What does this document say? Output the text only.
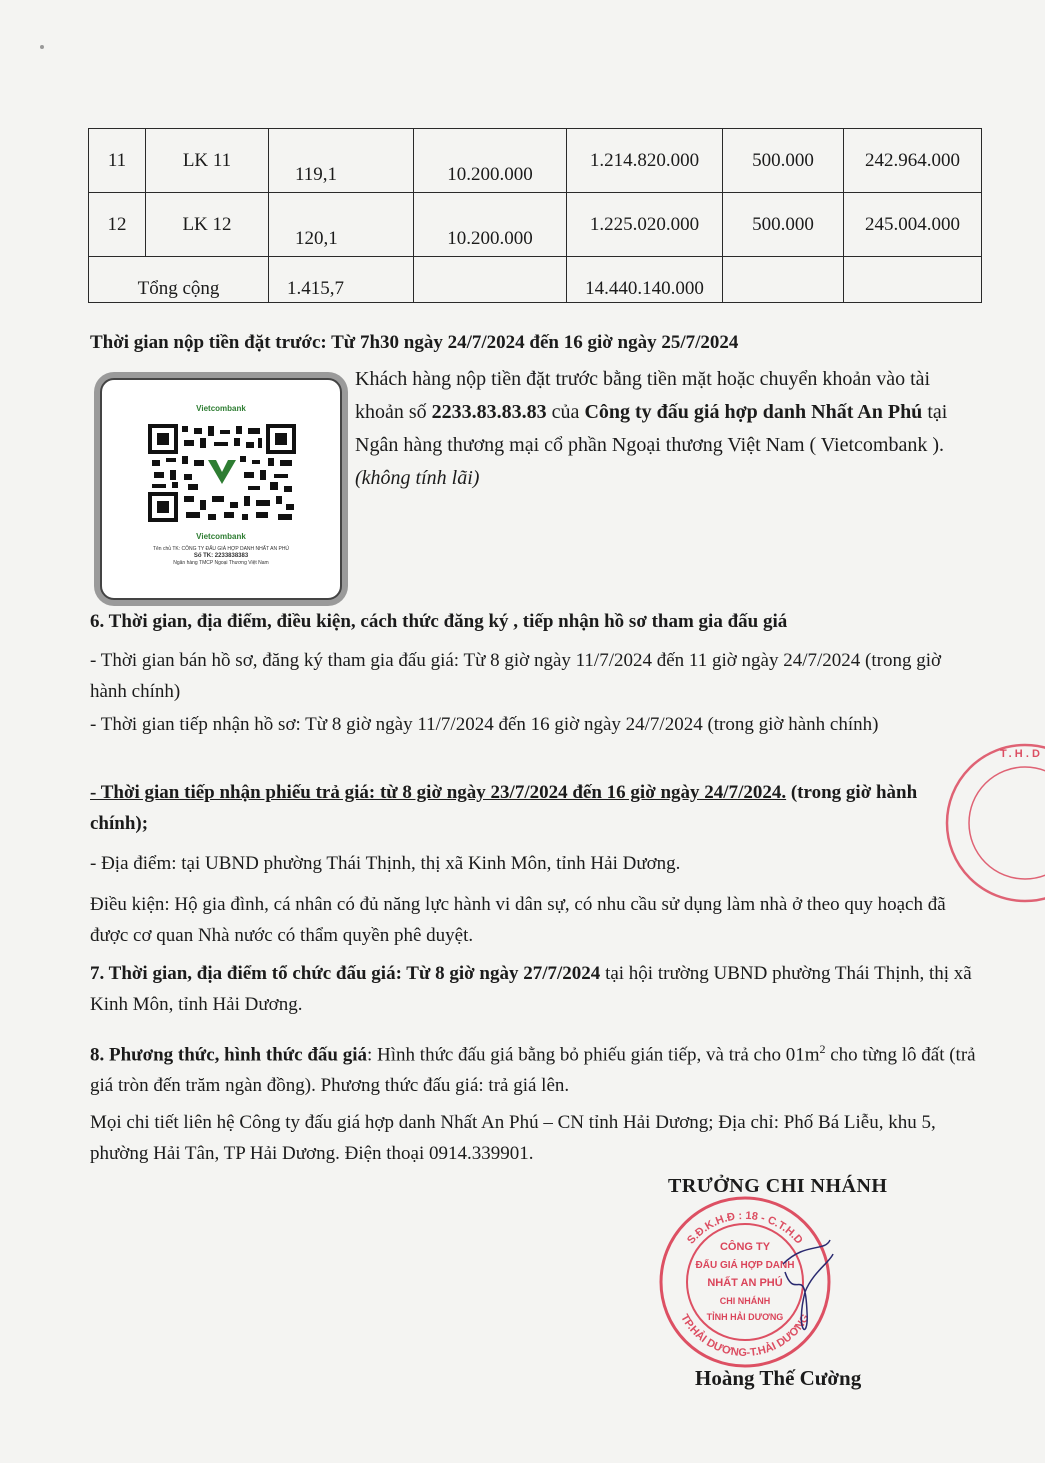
11	LK 11	119,1	10.200.000	1.214.820.000	500.000	242.964.000
12	LK 12	120,1	10.200.000	1.225.020.000	500.000	245.004.000
Tổng cộng		1.415,7		14.440.140.000		
Thời gian nộp tiền đặt trước: Từ 7h30 ngày 24/7/2024 đến 16 giờ ngày 25/7/2024
Vietcombank
Vietcombank
Tên chủ TK: CÔNG TY ĐẤU GIÁ HỢP DANH NHẤT AN PHÚ
Số TK: 2233838383
Ngân hàng TMCP Ngoại Thương Việt Nam
Khách hàng nộp tiền đặt trước bằng tiền mặt hoặc chuyển khoản vào tài khoản số 2233.83.83.83 của Công ty đấu giá hợp danh Nhất An Phú tại Ngân hàng thương mại cổ phần Ngoại thương Việt Nam ( Vietcombank ). (không tính lãi)
6. Thời gian, địa điểm, điều kiện, cách thức đăng ký , tiếp nhận hồ sơ tham gia đấu giá
- Thời gian bán hồ sơ, đăng ký tham gia đấu giá: Từ 8 giờ ngày 11/7/2024 đến 11 giờ ngày 24/7/2024 (trong giờ hành chính)
- Thời gian tiếp nhận hồ sơ: Từ 8 giờ ngày 11/7/2024 đến 16 giờ ngày 24/7/2024 (trong giờ hành chính)
- Thời gian tiếp nhận phiếu trả giá: từ 8 giờ ngày 23/7/2024 đến 16 giờ ngày 24/7/2024. (trong giờ hành chính);
- Địa điểm: tại UBND phường Thái Thịnh, thị xã Kinh Môn, tỉnh Hải Dương.
Điều kiện: Hộ gia đình, cá nhân có đủ năng lực hành vi dân sự, có nhu cầu sử dụng làm nhà ở theo quy hoạch đã được cơ quan Nhà nước có thẩm quyền phê duyệt.
7. Thời gian, địa điểm tổ chức đấu giá: Từ 8 giờ ngày 27/7/2024 tại hội trường UBND phường Thái Thịnh, thị xã Kinh Môn, tỉnh Hải Dương.
8. Phương thức, hình thức đấu giá: Hình thức đấu giá bằng bỏ phiếu gián tiếp, và trả cho $01m^2$ cho từng lô đất (trả giá tròn đến trăm ngàn đồng). Phương thức đấu giá: trả giá lên.
Mọi chi tiết liên hệ Công ty đấu giá hợp danh Nhất An Phú – CN tỉnh Hải Dương; Địa chỉ: Phố Bá Liễu, khu 5, phường Hải Tân, TP Hải Dương. Điện thoại 0914.339901.
TRƯỞNG CHI NHÁNH
S.Đ.K.H.Đ : 18 - C.T.H.D
TP.HẢI DƯƠNG-T.HẢI DƯƠNG
CÔNG TY
ĐẤU GIÁ HỢP DANH
NHẤT AN PHÚ
CHI NHÁNH
TỈNH HẢI DƯƠNG
Hoàng Thế Cường
T.H.D
